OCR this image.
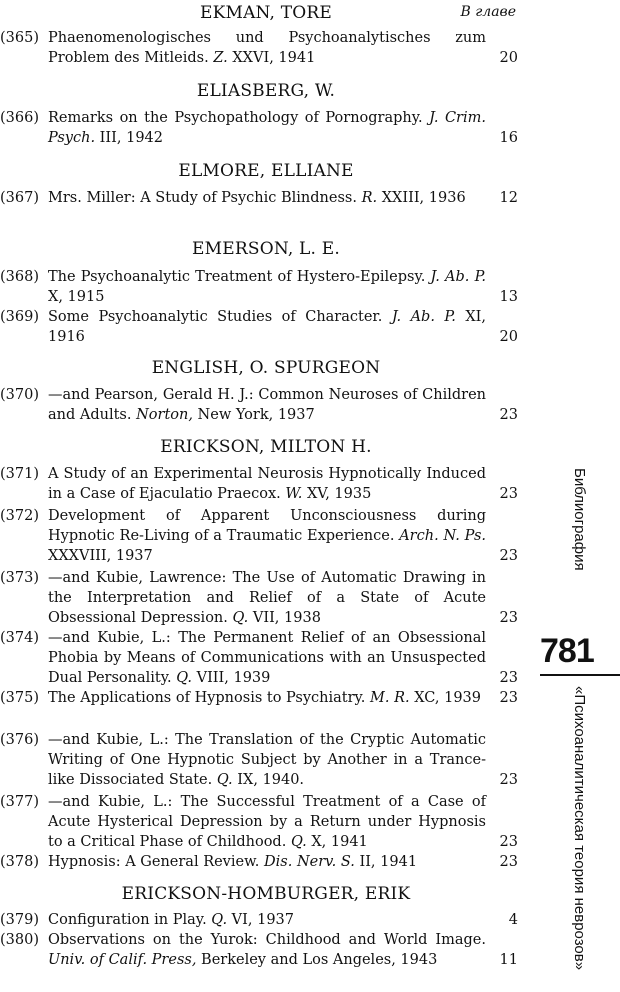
В главе
EKMAN, TORE
(365) Phaenomenologisches und Psychoanalytisches zum Problem des Mitleids. Z. XXVI, 1941	20
ELIASBERG, W.
(366) Remarks on the Psychopathology of Pornography. J. Crim. Psych. III, 1942	16
ELMORE, ELLIANE
(367) Mrs. Miller: A Study of Psychic Blindness. R. XXIII, 1936	12
EMERSON, L. E.
(368) The Psychoanalytic Treatment of Hystero-Epilepsy. J. Ab. P. X, 1915	13
(369) Some Psychoanalytic Studies of Character. J. Ab. P. XI, 1916	20
ENGLISH, O. SPURGEON
(370) —and Pearson, Gerald H. J.: Common Neuroses of Children and Adults. Norton, New York, 1937	23
ERICKSON, MILTON H.
(371) A Study of an Experimental Neurosis Hypnotically Induced in a Case of Ejaculatio Praecox. W. XV, 1935	23
(372) Development of Apparent Unconsciousness during Hypnotic Re-Living of a Traumatic Experience. Arch. N. Ps. XXXVIII, 1937	23
(373) —and Kubie, Lawrence: The Use of Automatic Drawing in the Interpretation and Relief of a State of Acute Obsessional Depression. Q. VII, 1938	23
(374) —and Kubie, L.: The Permanent Relief of an Obsessional Phobia by Means of Communications with an Unsuspected Dual Personality. Q. VIII, 1939	23
(375) The Applications of Hypnosis to Psychiatry. M. R. XC, 1939	23
(376) —and Kubie, L.: The Translation of the Cryptic Automatic Writing of One Hypnotic Subject by Another in a Trance-like Dissociated State. Q. IX, 1940.	23
(377) —and Kubie, L.: The Successful Treatment of a Case of Acute Hysterical Depression by a Return under Hypnosis to a Critical Phase of Childhood. Q. X, 1941	23
(378) Hypnosis: A General Review. Dis. Nerv. S. II, 1941	23
ERICKSON-HOMBURGER, ERIK
(379) Configuration in Play. Q. VI, 1937	4
(380) Observations on the Yurok: Childhood and World Image. Univ. of Calif. Press, Berkeley and Los Angeles, 1943	11
Библиография
781
«Психоаналитическая теория неврозов»
